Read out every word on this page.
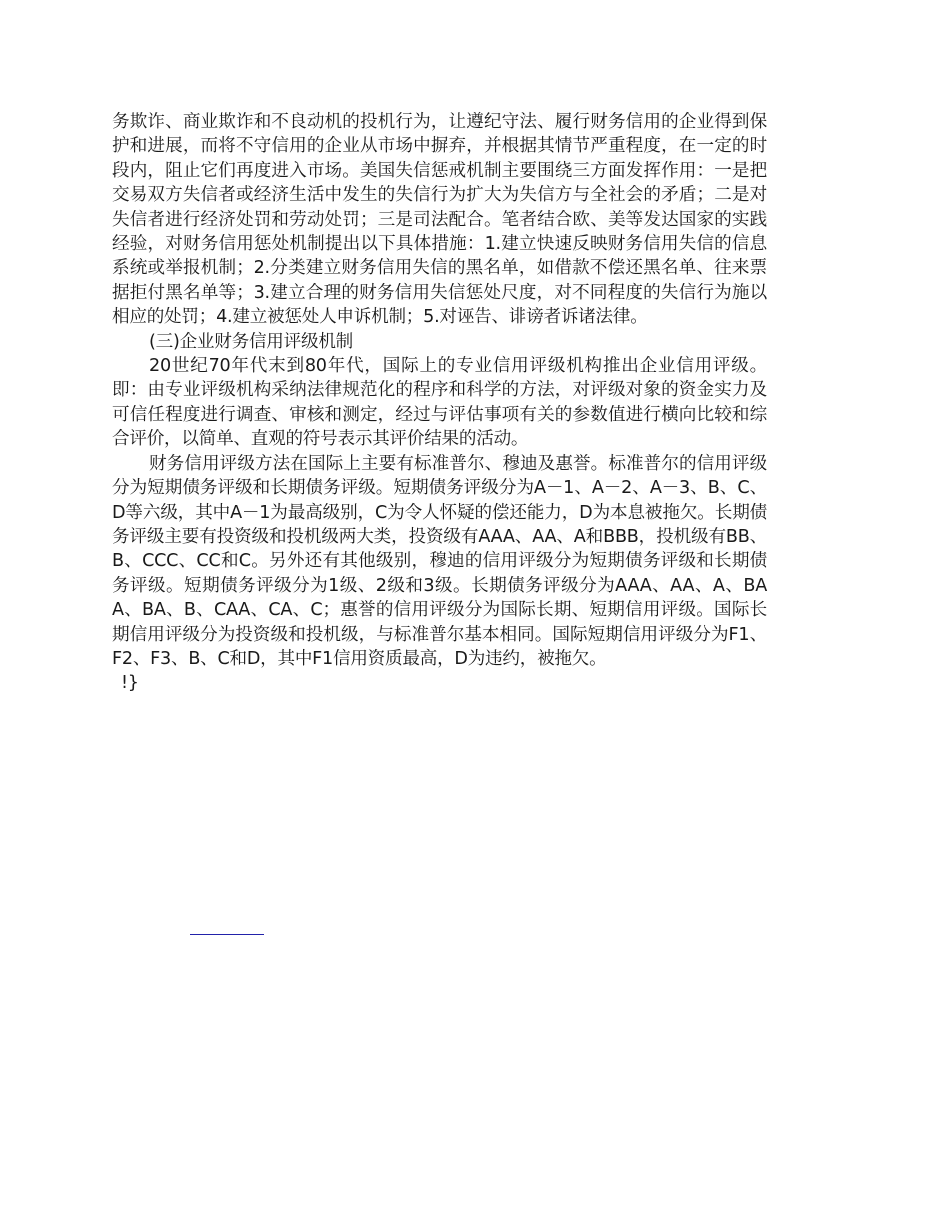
务欺诈、商业欺诈和不良动机的投机行为，让遵纪守法、履行财务信用的企业得到保护和进展，而将不守信用的企业从市场中摒弃，并根据其情节严重程度，在一定的时段内，阻止它们再度进入市场。美国失信惩戒机制主要围绕三方面发挥作用：一是把交易双方失信者或经济生活中发生的失信行为扩大为失信方与全社会的矛盾；二是对失信者进行经济处罚和劳动处罚；三是司法配合。笔者结合欧、美等发达国家的实践经验，对财务信用惩处机制提出以下具体措施：1.建立快速反映财务信用失信的信息系统或举报机制；2.分类建立财务信用失信的黑名单，如借款不偿还黑名单、往来票据拒付黑名单等；3.建立合理的财务信用失信惩处尺度，对不同程度的失信行为施以相应的处罚；4.建立被惩处人申诉机制；5.对诬告、诽谤者诉诸法律。

(三)企业财务信用评级机制

20世纪70年代末到80年代，国际上的专业信用评级机构推出企业信用评级。即：由专业评级机构采纳法律规范化的程序和科学的方法，对评级对象的资金实力及可信任程度进行调查、审核和测定，经过与评估事项有关的参数值进行横向比较和综合评价，以简单、直观的符号表示其评价结果的活动。

财务信用评级方法在国际上主要有标准普尔、穆迪及惠誉。标准普尔的信用评级分为短期债务评级和长期债务评级。短期债务评级分为A－1、A－2、A－3、B、C、D等六级，其中A－1为最高级别，C为令人怀疑的偿还能力，D为本息被拖欠。长期债务评级主要有投资级和投机级两大类，投资级有AAA、AA、A和BBB，投机级有BB、B、CCC、CC和C。另外还有其他级别，穆迪的信用评级分为短期债务评级和长期债务评级。短期债务评级分为1级、2级和3级。长期债务评级分为AAA、AA、A、BAA、BA、B、CAA、CA、C；惠誉的信用评级分为国际长期、短期信用评级。国际长期信用评级分为投资级和投机级，与标准普尔基本相同。国际短期信用评级分为F1、F2、F3、B、C和D，其中F1信用资质最高，D为违约，被拖欠。

!}
